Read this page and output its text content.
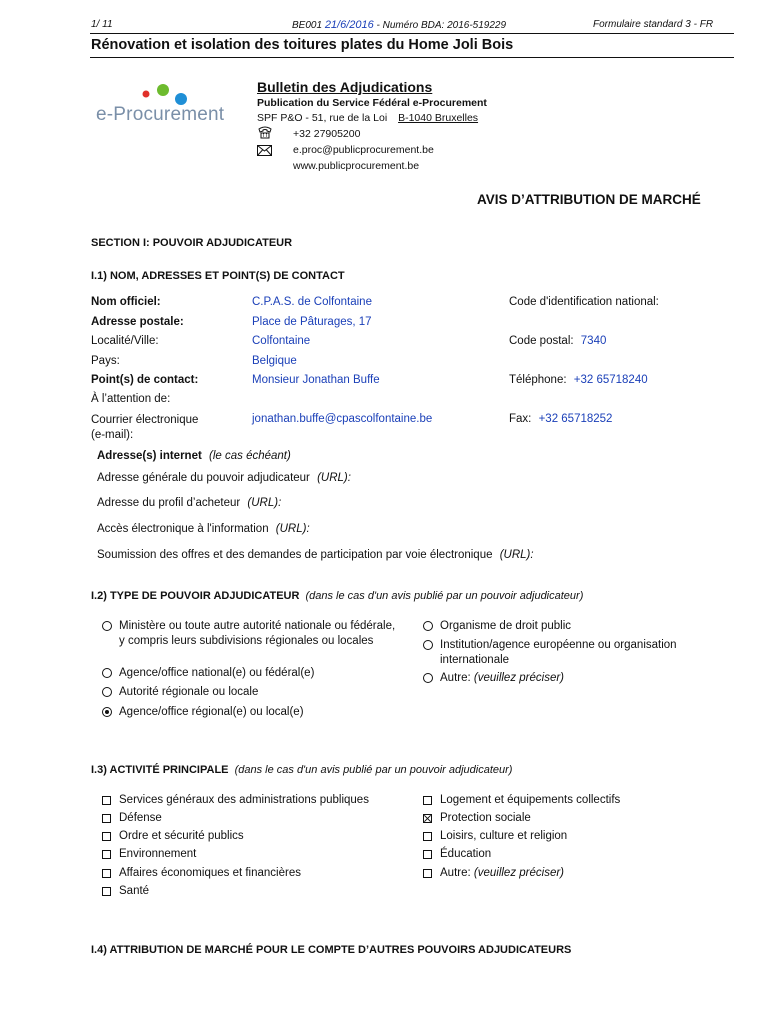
1/ 11	BE001 21/6/2016 - Numéro BDA: 2016-519229	Formulaire standard 3 - FR
Rénovation et isolation des toitures plates du Home Joli Bois
e-Procurement
Bulletin des Adjudications
Publication du Service Fédéral e-Procurement
SPF P&O - 51, rue de la Loi B-1040 Bruxelles
+32 27905200
e.proc@publicprocurement.be
www.publicprocurement.be
AVIS D’ATTRIBUTION DE MARCHÉ
SECTION I: POUVOIR ADJUDICATEUR
I.1) NOM, ADRESSES ET POINT(S) DE CONTACT
Nom officiel:	C.P.A.S. de Colfontaine	Code d'identification national:
Adresse postale:	Place de Pâturages, 17
Localité/Ville:	Colfontaine	Code postal: 7340
Pays:	Belgique
Point(s) de contact:	Monsieur Jonathan Buffe	Téléphone: +32 65718240
À l’attention de:
Courrier électronique
(e-mail):
jonathan.buffe@cpascolfontaine.be	Fax: +32 65718252
Adresse(s) internet (le cas échéant)
Adresse générale du pouvoir adjudicateur (URL):
Adresse du profil d’acheteur (URL):
Accès électronique à l'information (URL):
Soumission des offres et des demandes de participation par voie électronique (URL):
I.2) TYPE DE POUVOIR ADJUDICATEUR (dans le cas d'un avis publié par un pouvoir adjudicateur)
Ministère ou toute autre autorité nationale ou fédérale, y compris leurs subdivisions régionales ou locales
Agence/office national(e) ou fédéral(e)
Autorité régionale ou locale
Agence/office régional(e) ou local(e)
Organisme de droit public
Institution/agence européenne ou organisation internationale
Autre: (veuillez préciser)
I.3) ACTIVITÉ PRINCIPALE (dans le cas d'un avis publié par un pouvoir adjudicateur)
Services généraux des administrations publiques
Défense
Ordre et sécurité publics
Environnement
Affaires économiques et financières
Santé
Logement et équipements collectifs
Protection sociale
Loisirs, culture et religion
Éducation
Autre: (veuillez préciser)
I.4) ATTRIBUTION DE MARCHÉ POUR LE COMPTE D’AUTRES POUVOIRS ADJUDICATEURS
